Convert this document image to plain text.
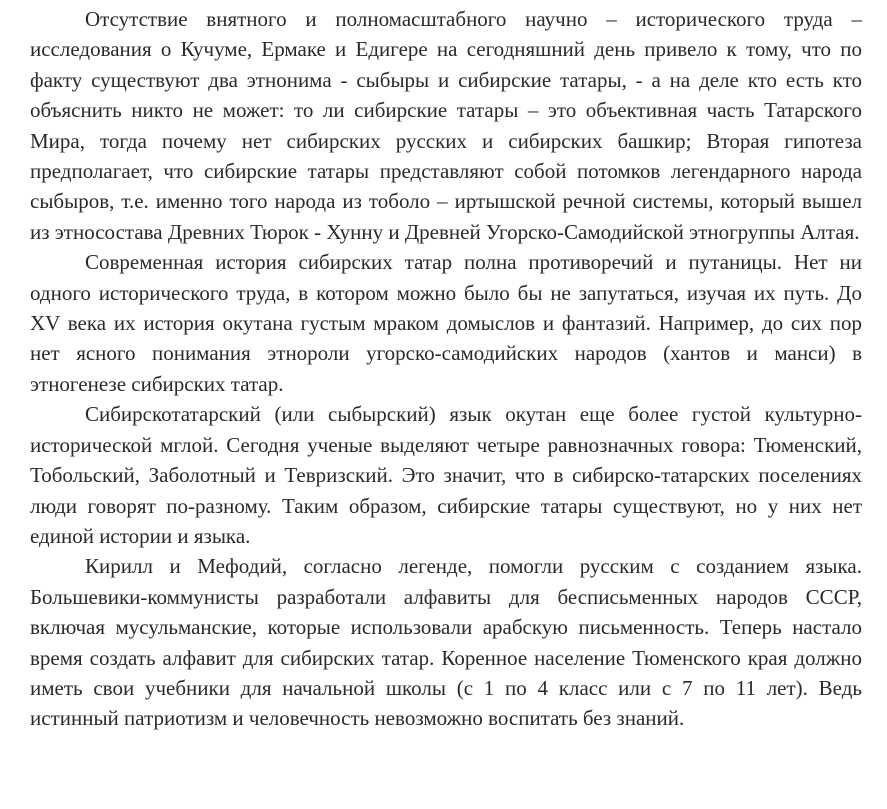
Отсутствие внятного и полномасштабного научно – исторического труда – исследования о Кучуме, Ермаке и Едигере на сегодняшний день привело к тому, что по факту существуют два этнонима - сыбыры и сибирские татары, - а на деле кто есть кто объяснить никто не может: то ли сибирские татары – это объективная часть Татарского Мира, тогда почему нет сибирских русских и сибирских башкир; Вторая гипотеза предполагает, что сибирские татары представляют собой потомков легендарного народа сыбыров, т.е. именно того народа из тоболо – иртышской речной системы, который вышел из этносостава Древних Тюрок - Хунну и Древней Угорско-Самодийской этногруппы Алтая.

Современная история сибирских татар полна противоречий и путаницы. Нет ни одного исторического труда, в котором можно было бы не запутаться, изучая их путь. До XV века их история окутана густым мраком домыслов и фантазий. Например, до сих пор нет ясного понимания этнороли угорско-самодийских народов (хантов и манси) в этногенезе сибирских татар.

Сибирскотатарский (или сыбырский) язык окутан еще более густой культурно-исторической мглой. Сегодня ученые выделяют четыре равнозначных говора: Тюменский, Тобольский, Заболотный и Тевризский. Это значит, что в сибирско-татарских поселениях люди говорят по-разному. Таким образом, сибирские татары существуют, но у них нет единой истории и языка.

Кирилл и Мефодий, согласно легенде, помогли русским с созданием языка. Большевики-коммунисты разработали алфавиты для бесписьменных народов СССР, включая мусульманские, которые использовали арабскую письменность. Теперь настало время создать алфавит для сибирских татар. Коренное население Тюменского края должно иметь свои учебники для начальной школы (с 1 по 4 класс или с 7 по 11 лет). Ведь истинный патриотизм и человечность невозможно воспитать без знаний.
